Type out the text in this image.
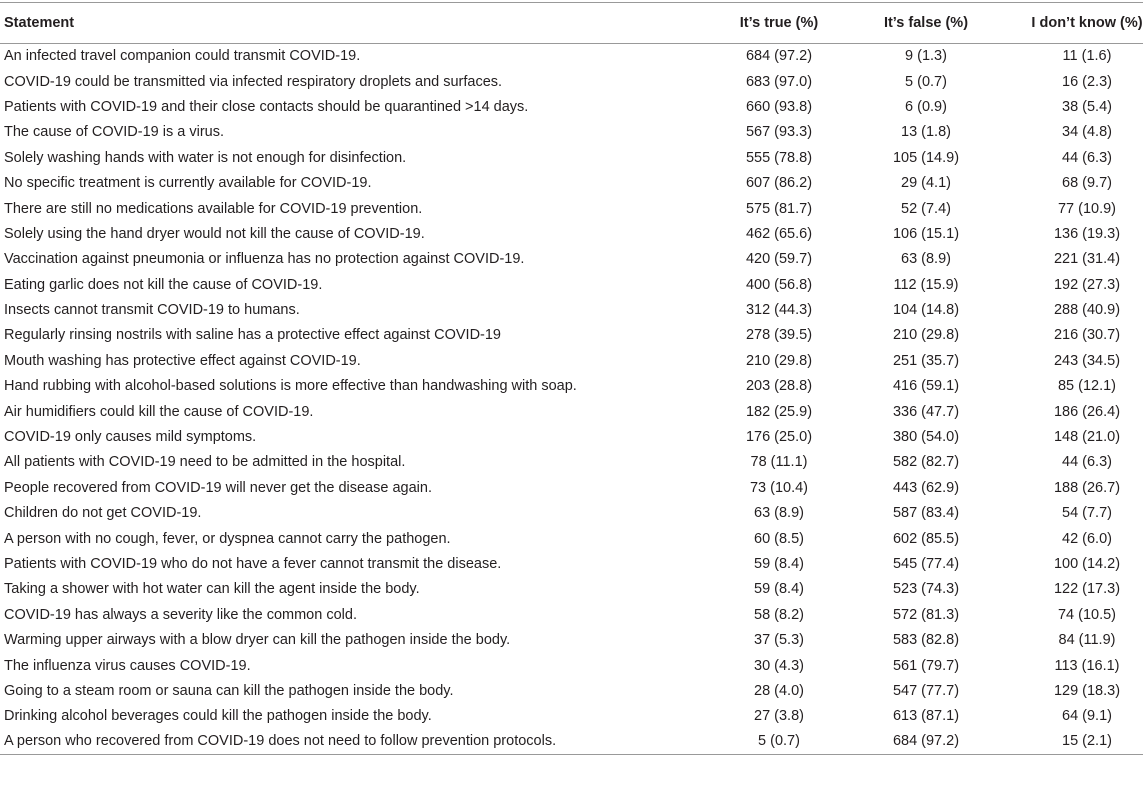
Statement	It’s true (%)	It’s false (%)	I don’t know (%)
An infected travel companion could transmit COVID-19.	684 (97.2)	9 (1.3)	11 (1.6)
COVID-19 could be transmitted via infected respiratory droplets and surfaces.	683 (97.0)	5 (0.7)	16 (2.3)
Patients with COVID-19 and their close contacts should be quarantined >14 days.	660 (93.8)	6 (0.9)	38 (5.4)
The cause of COVID-19 is a virus.	567 (93.3)	13 (1.8)	34 (4.8)
Solely washing hands with water is not enough for disinfection.	555 (78.8)	105 (14.9)	44 (6.3)
No specific treatment is currently available for COVID-19.	607 (86.2)	29 (4.1)	68 (9.7)
There are still no medications available for COVID-19 prevention.	575 (81.7)	52 (7.4)	77 (10.9)
Solely using the hand dryer would not kill the cause of COVID-19.	462 (65.6)	106 (15.1)	136 (19.3)
Vaccination against pneumonia or influenza has no protection against COVID-19.	420 (59.7)	63 (8.9)	221 (31.4)
Eating garlic does not kill the cause of COVID-19.	400 (56.8)	112 (15.9)	192 (27.3)
Insects cannot transmit COVID-19 to humans.	312 (44.3)	104 (14.8)	288 (40.9)
Regularly rinsing nostrils with saline has a protective effect against COVID-19	278 (39.5)	210 (29.8)	216 (30.7)
Mouth washing has protective effect against COVID-19.	210 (29.8)	251 (35.7)	243 (34.5)
Hand rubbing with alcohol-based solutions is more effective than handwashing with soap.	203 (28.8)	416 (59.1)	85 (12.1)
Air humidifiers could kill the cause of COVID-19.	182 (25.9)	336 (47.7)	186 (26.4)
COVID-19 only causes mild symptoms.	176 (25.0)	380 (54.0)	148 (21.0)
All patients with COVID-19 need to be admitted in the hospital.	78 (11.1)	582 (82.7)	44 (6.3)
People recovered from COVID-19 will never get the disease again.	73 (10.4)	443 (62.9)	188 (26.7)
Children do not get COVID-19.	63 (8.9)	587 (83.4)	54 (7.7)
A person with no cough, fever, or dyspnea cannot carry the pathogen.	60 (8.5)	602 (85.5)	42 (6.0)
Patients with COVID-19 who do not have a fever cannot transmit the disease.	59 (8.4)	545 (77.4)	100 (14.2)
Taking a shower with hot water can kill the agent inside the body.	59 (8.4)	523 (74.3)	122 (17.3)
COVID-19 has always a severity like the common cold.	58 (8.2)	572 (81.3)	74 (10.5)
Warming upper airways with a blow dryer can kill the pathogen inside the body.	37 (5.3)	583 (82.8)	84 (11.9)
The influenza virus causes COVID-19.	30 (4.3)	561 (79.7)	113 (16.1)
Going to a steam room or sauna can kill the pathogen inside the body.	28 (4.0)	547 (77.7)	129 (18.3)
Drinking alcohol beverages could kill the pathogen inside the body.	27 (3.8)	613 (87.1)	64 (9.1)
A person who recovered from COVID-19 does not need to follow prevention protocols.	5 (0.7)	684 (97.2)	15 (2.1)
